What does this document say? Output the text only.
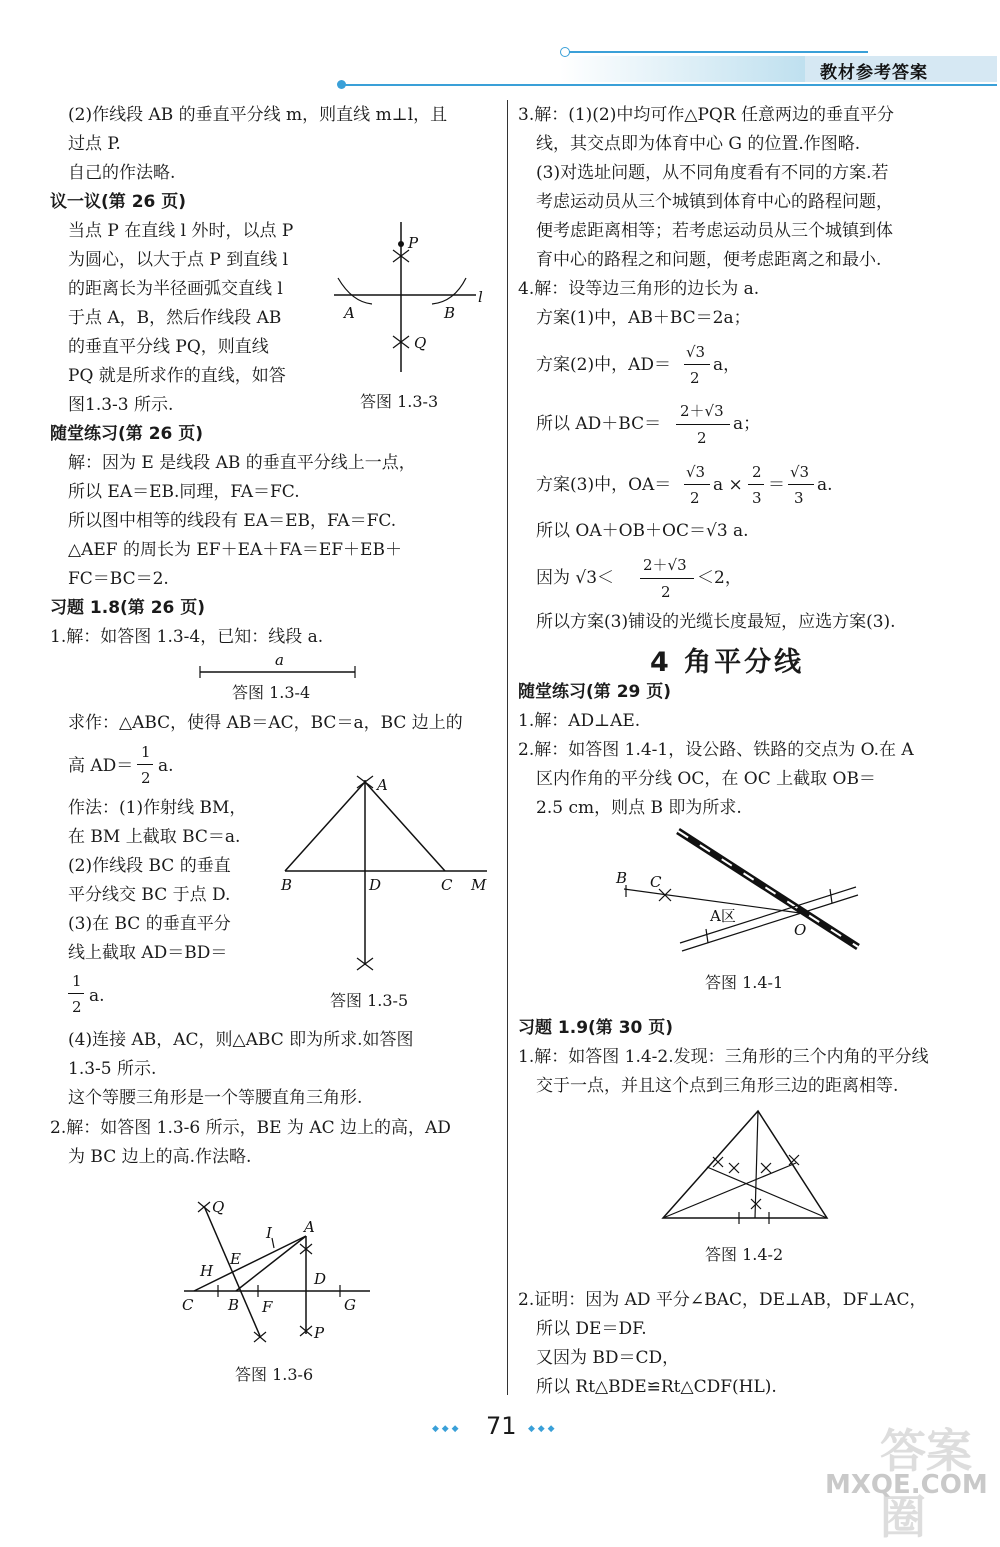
教材参考答案
(2)作线段 AB 的垂直平分线 m，则直线 m⊥l，且
过点 P.
自己的作法略.
议一议(第 26 页)
当点 P 在直线 l 外时，以点 P
为圆心，以大于点 P 到直线 l
的距离长为半径画弧交直线 l
于点 A，B，然后作线段 AB
的垂直平分线 PQ，则直线
PQ 就是所求作的直线，如答
图1.3-3 所示.
P
Q
A	B
l
答图 1.3-3
随堂练习(第 26 页)
解：因为 E 是线段 AB 的垂直平分线上一点，
所以 EA＝EB.同理，FA＝FC.
所以图中相等的线段有 EA＝EB，FA＝FC.
△AEF 的周长为 EF＋EA＋FA＝EF＋EB＋
FC＝BC＝2.
习题 1.8(第 26 页)
1.解：如答图 1.3-4，已知：线段 a.
a
答图 1.3-4
求作：△ABC，使得 AB＝AC，BC＝a，BC 边上的
高 AD＝
1
2
a.
作法：(1)作射线 BM，
在 BM 上截取 BC＝a.
(2)作线段 BC 的垂直
平分线交 BC 于点 D.
(3)在 BC 的垂直平分
线上截取 AD＝BD＝
1
2
a.
A
B	D	C M
答图 1.3-5
(4)连接 AB，AC，则△ABC 即为所求.如答图
1.3-5 所示.
这个等腰三角形是一个等腰直角三角形.
2.解：如答图 1.3-6 所示，BE 为 AC 边上的高，AD
为 BC 边上的高.作法略.
Q
A
I
E
H	D
C B F	G
P
答图 1.3-6
3.解：(1)(2)中均可作△PQR 任意两边的垂直平分
线，其交点即为体育中心 G 的位置.作图略.
(3)对选址问题，从不同角度看有不同的方案.若
考虑运动员从三个城镇到体育中心的路程问题，
便考虑距离相等；若考虑运动员从三个城镇到体
育中心的路程之和问题，便考虑距离之和最小.
4.解：设等边三角形的边长为 a.
方案(1)中，AB＋BC＝2a；
方案(2)中，AD＝
√3
2
a，
所以 AD＋BC＝
2＋√3
2
a；
方案(3)中，OA＝
√3
2
a ×
2
3
＝
√3
3
a.
所以 OA＋OB＋OC＝√3 a.
因为 √3＜
2＋√3
2
＜2，
所以方案(3)铺设的光缆长度最短，应选方案(3).
4 角平分线
随堂练习(第 29 页)
1.解：AD⊥AE.
2.解：如答图 1.4-1，设公路、铁路的交点为 O.在 A
区内作角的平分线 OC，在 OC 上截取 OB＝
2.5 cm，则点 B 即为所求.
B C
O
A区
答图 1.4-1
习题 1.9(第 30 页)
1.解：如答图 1.4-2.发现：三角形的三个内角的平分线
交于一点，并且这个点到三角形三边的距离相等.
答图 1.4-2
2.证明：因为 AD 平分∠BAC，DE⊥AB，DF⊥AC，
所以 DE＝DF.
又因为 BD＝CD，
所以 Rt△BDE≌Rt△CDF(HL).
◆ ◆ ◆ 71 ◆ ◆ ◆	答案圈
MXQE.COM
